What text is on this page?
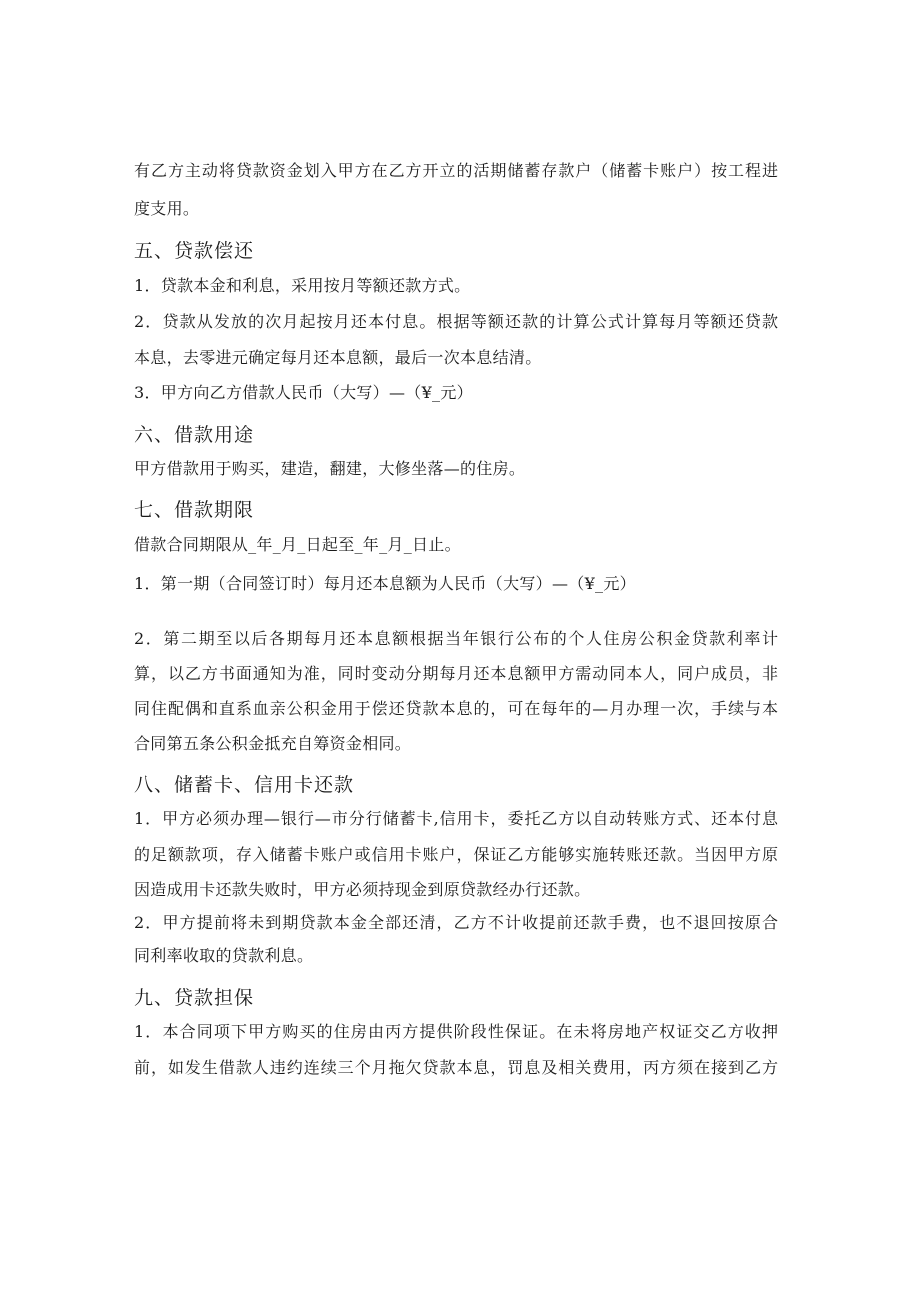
有乙方主动将贷款资金划入甲方在乙方开立的活期储蓄存款户（储蓄卡账户）按工程进
度支用。
五、贷款偿还
1．贷款本金和利息，采用按月等额还款方式。
2．贷款从发放的次月起按月还本付息。根据等额还款的计算公式计算每月等额还贷款
本息，去零进元确定每月还本息额，最后一次本息结清。
3．甲方向乙方借款人民币（大写）—（¥_元）
六、借款用途
甲方借款用于购买，建造，翻建，大修坐落—的住房。
七、借款期限
借款合同期限从_年_月_日起至_年_月_日止。
1．第一期（合同签订时）每月还本息额为人民币（大写）—（¥_元）
2．第二期至以后各期每月还本息额根据当年银行公布的个人住房公积金贷款利率计
算，以乙方书面通知为准，同时变动分期每月还本息额甲方需动同本人，同户成员，非
同住配偶和直系血亲公积金用于偿还贷款本息的，可在每年的—月办理一次，手续与本
合同第五条公积金抵充自筹资金相同。
八、储蓄卡、信用卡还款
1．甲方必须办理—银行—市分行储蓄卡,信用卡，委托乙方以自动转账方式、还本付息
的足额款项，存入储蓄卡账户或信用卡账户，保证乙方能够实施转账还款。当因甲方原
因造成用卡还款失败时，甲方必须持现金到原贷款经办行还款。
2．甲方提前将未到期贷款本金全部还清，乙方不计收提前还款手费，也不退回按原合
同利率收取的贷款利息。
九、贷款担保
1．本合同项下甲方购买的住房由丙方提供阶段性保证。在未将房地产权证交乙方收押
前，如发生借款人违约连续三个月拖欠贷款本息，罚息及相关费用，丙方须在接到乙方
